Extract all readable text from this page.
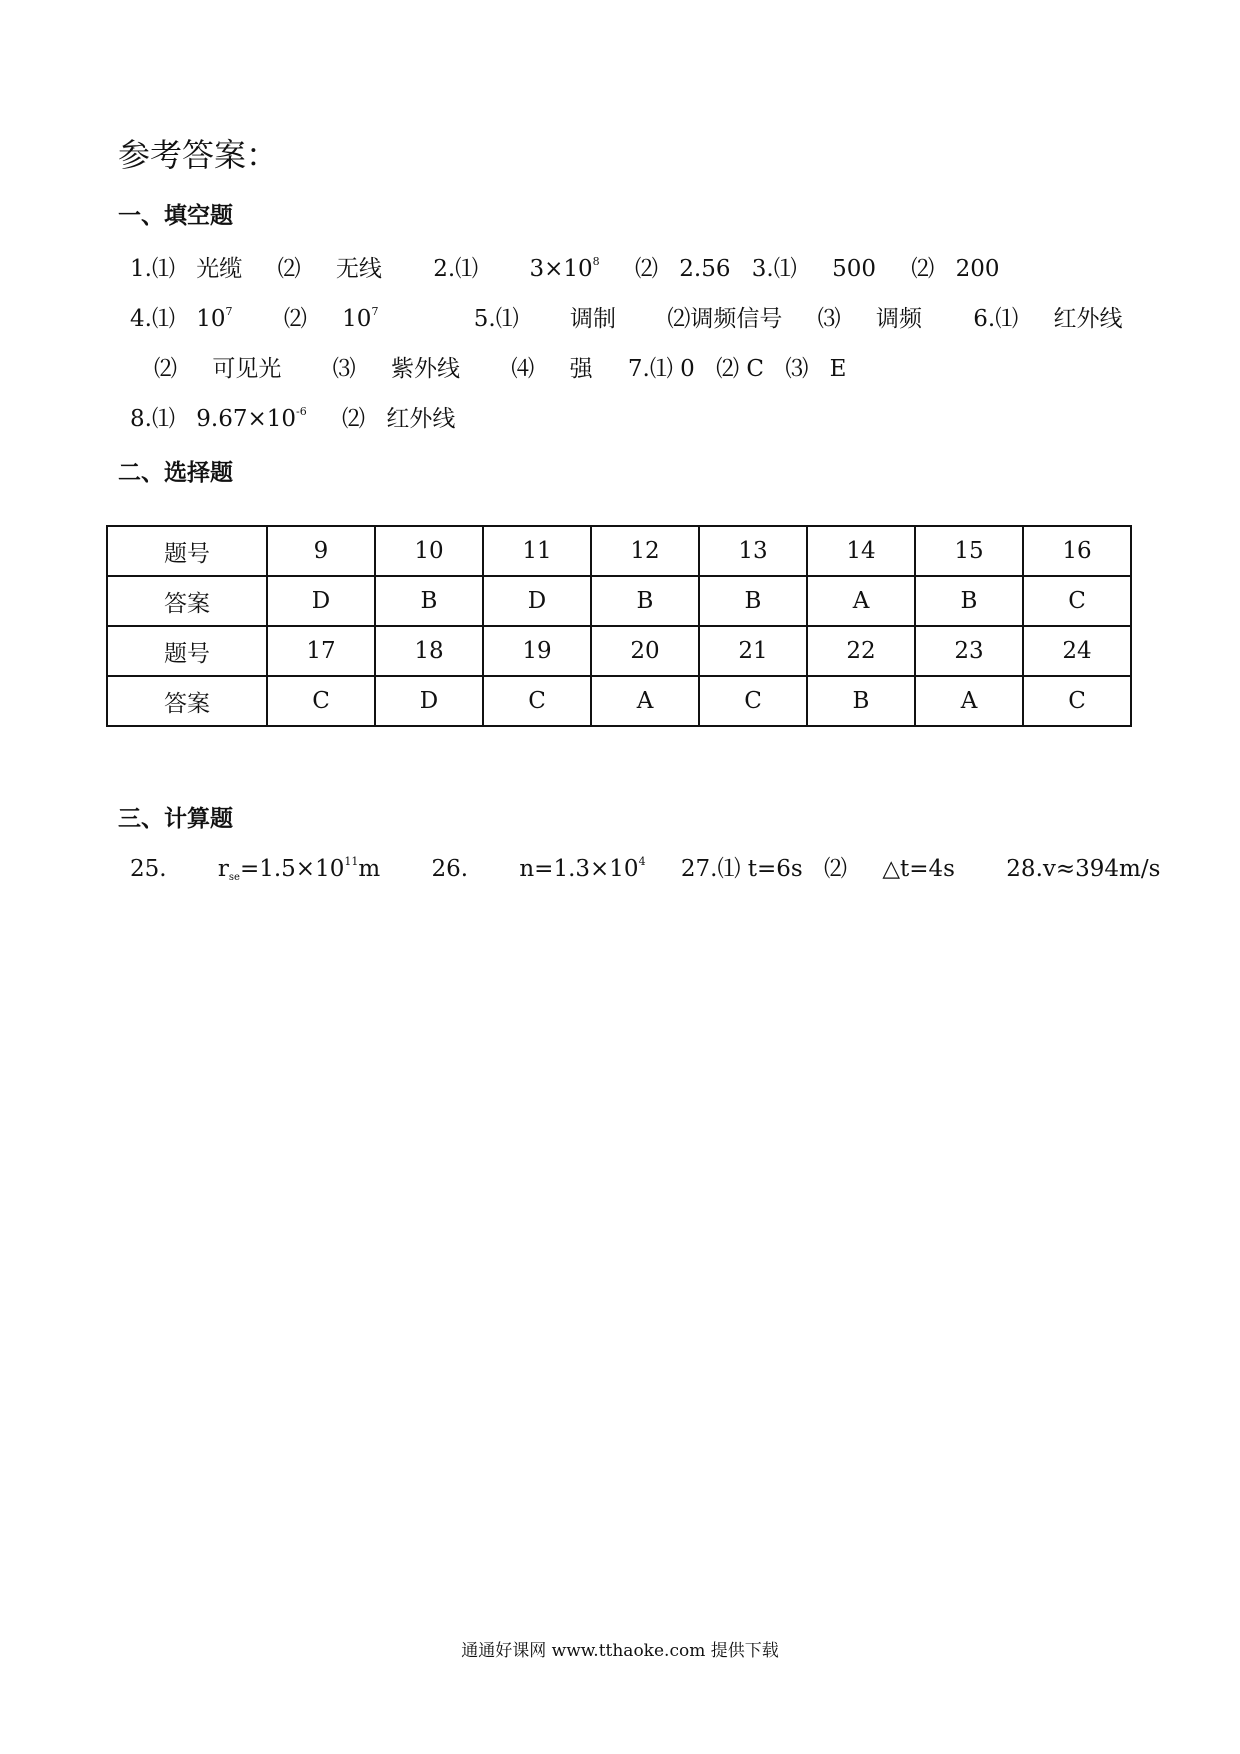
参考答案：
一、填空题
1.⑴ 光缆 ⑵ 无线 2.⑴ $3\times 10^8$ ⑵ 2.56 3.⑴ 500 ⑵ 200
4.⑴ $10^7$ ⑵ $10^7$	5.⑴ 调制 ⑵调频信号 ⑶ 调频 6.⑴ 红外线
⑵ 可见光 ⑶ 紫外线 ⑷ 强 7.⑴ 0 ⑵ C ⑶ E
8.⑴ $9.67\times 10^{-6}$ ⑵ 红外线
二、选择题
题号	9	10	11	12	13	14	15	16
答案	D	B	D	B	B	A	B	C
题号	17	18	19	20	21	22	23	24
答案	C	D	C	A	C	B	A	C
三、计算题
25. $r_{se}=1.5\times 10^{11}m$ 26. $n=1.3\times 10^4$ 27.⑴ t=6s ⑵ △t=4s 28.v≈394m/s
通通好课网 www.tthaoke.com 提供下载
